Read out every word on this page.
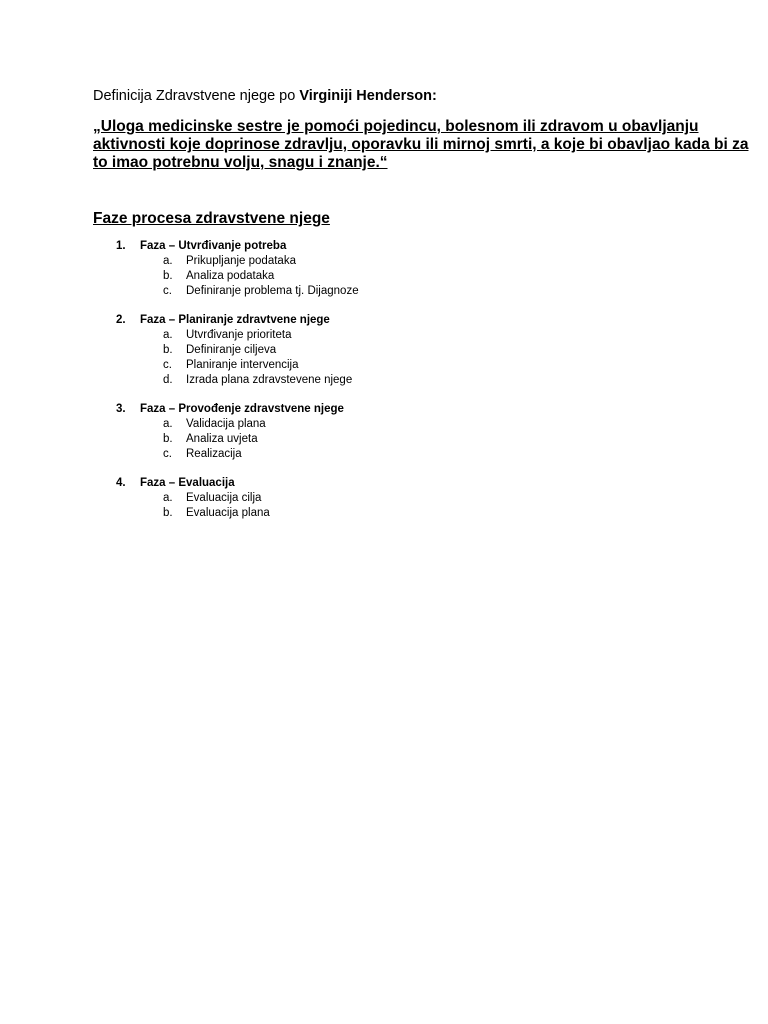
Definicija Zdravstvene njege po Virginiji Henderson:

„Uloga medicinske sestre je pomoći pojedincu, bolesnom ili zdravom u obavljanju
aktivnosti koje doprinose zdravlju, oporavku ili mirnoj smrti, a koje bi obavljao kada bi za
to imao potrebnu volju, snagu i znanje.“

Faze procesa zdravstvene njege
1. Faza – Utvrđivanje potreba
a. Prikupljanje podataka
b. Analiza podataka
c. Definiranje problema tj. Dijagnoze
2. Faza – Planiranje zdravtvene njege
a. Utvrđivanje prioriteta
b. Definiranje ciljeva
c. Planiranje intervencija
d. Izrada plana zdravstevene njege
3. Faza – Provođenje zdravstvene njege
a. Validacija plana
b. Analiza uvjeta
c. Realizacija
4. Faza – Evaluacija
a. Evaluacija cilja
b. Evaluacija plana
